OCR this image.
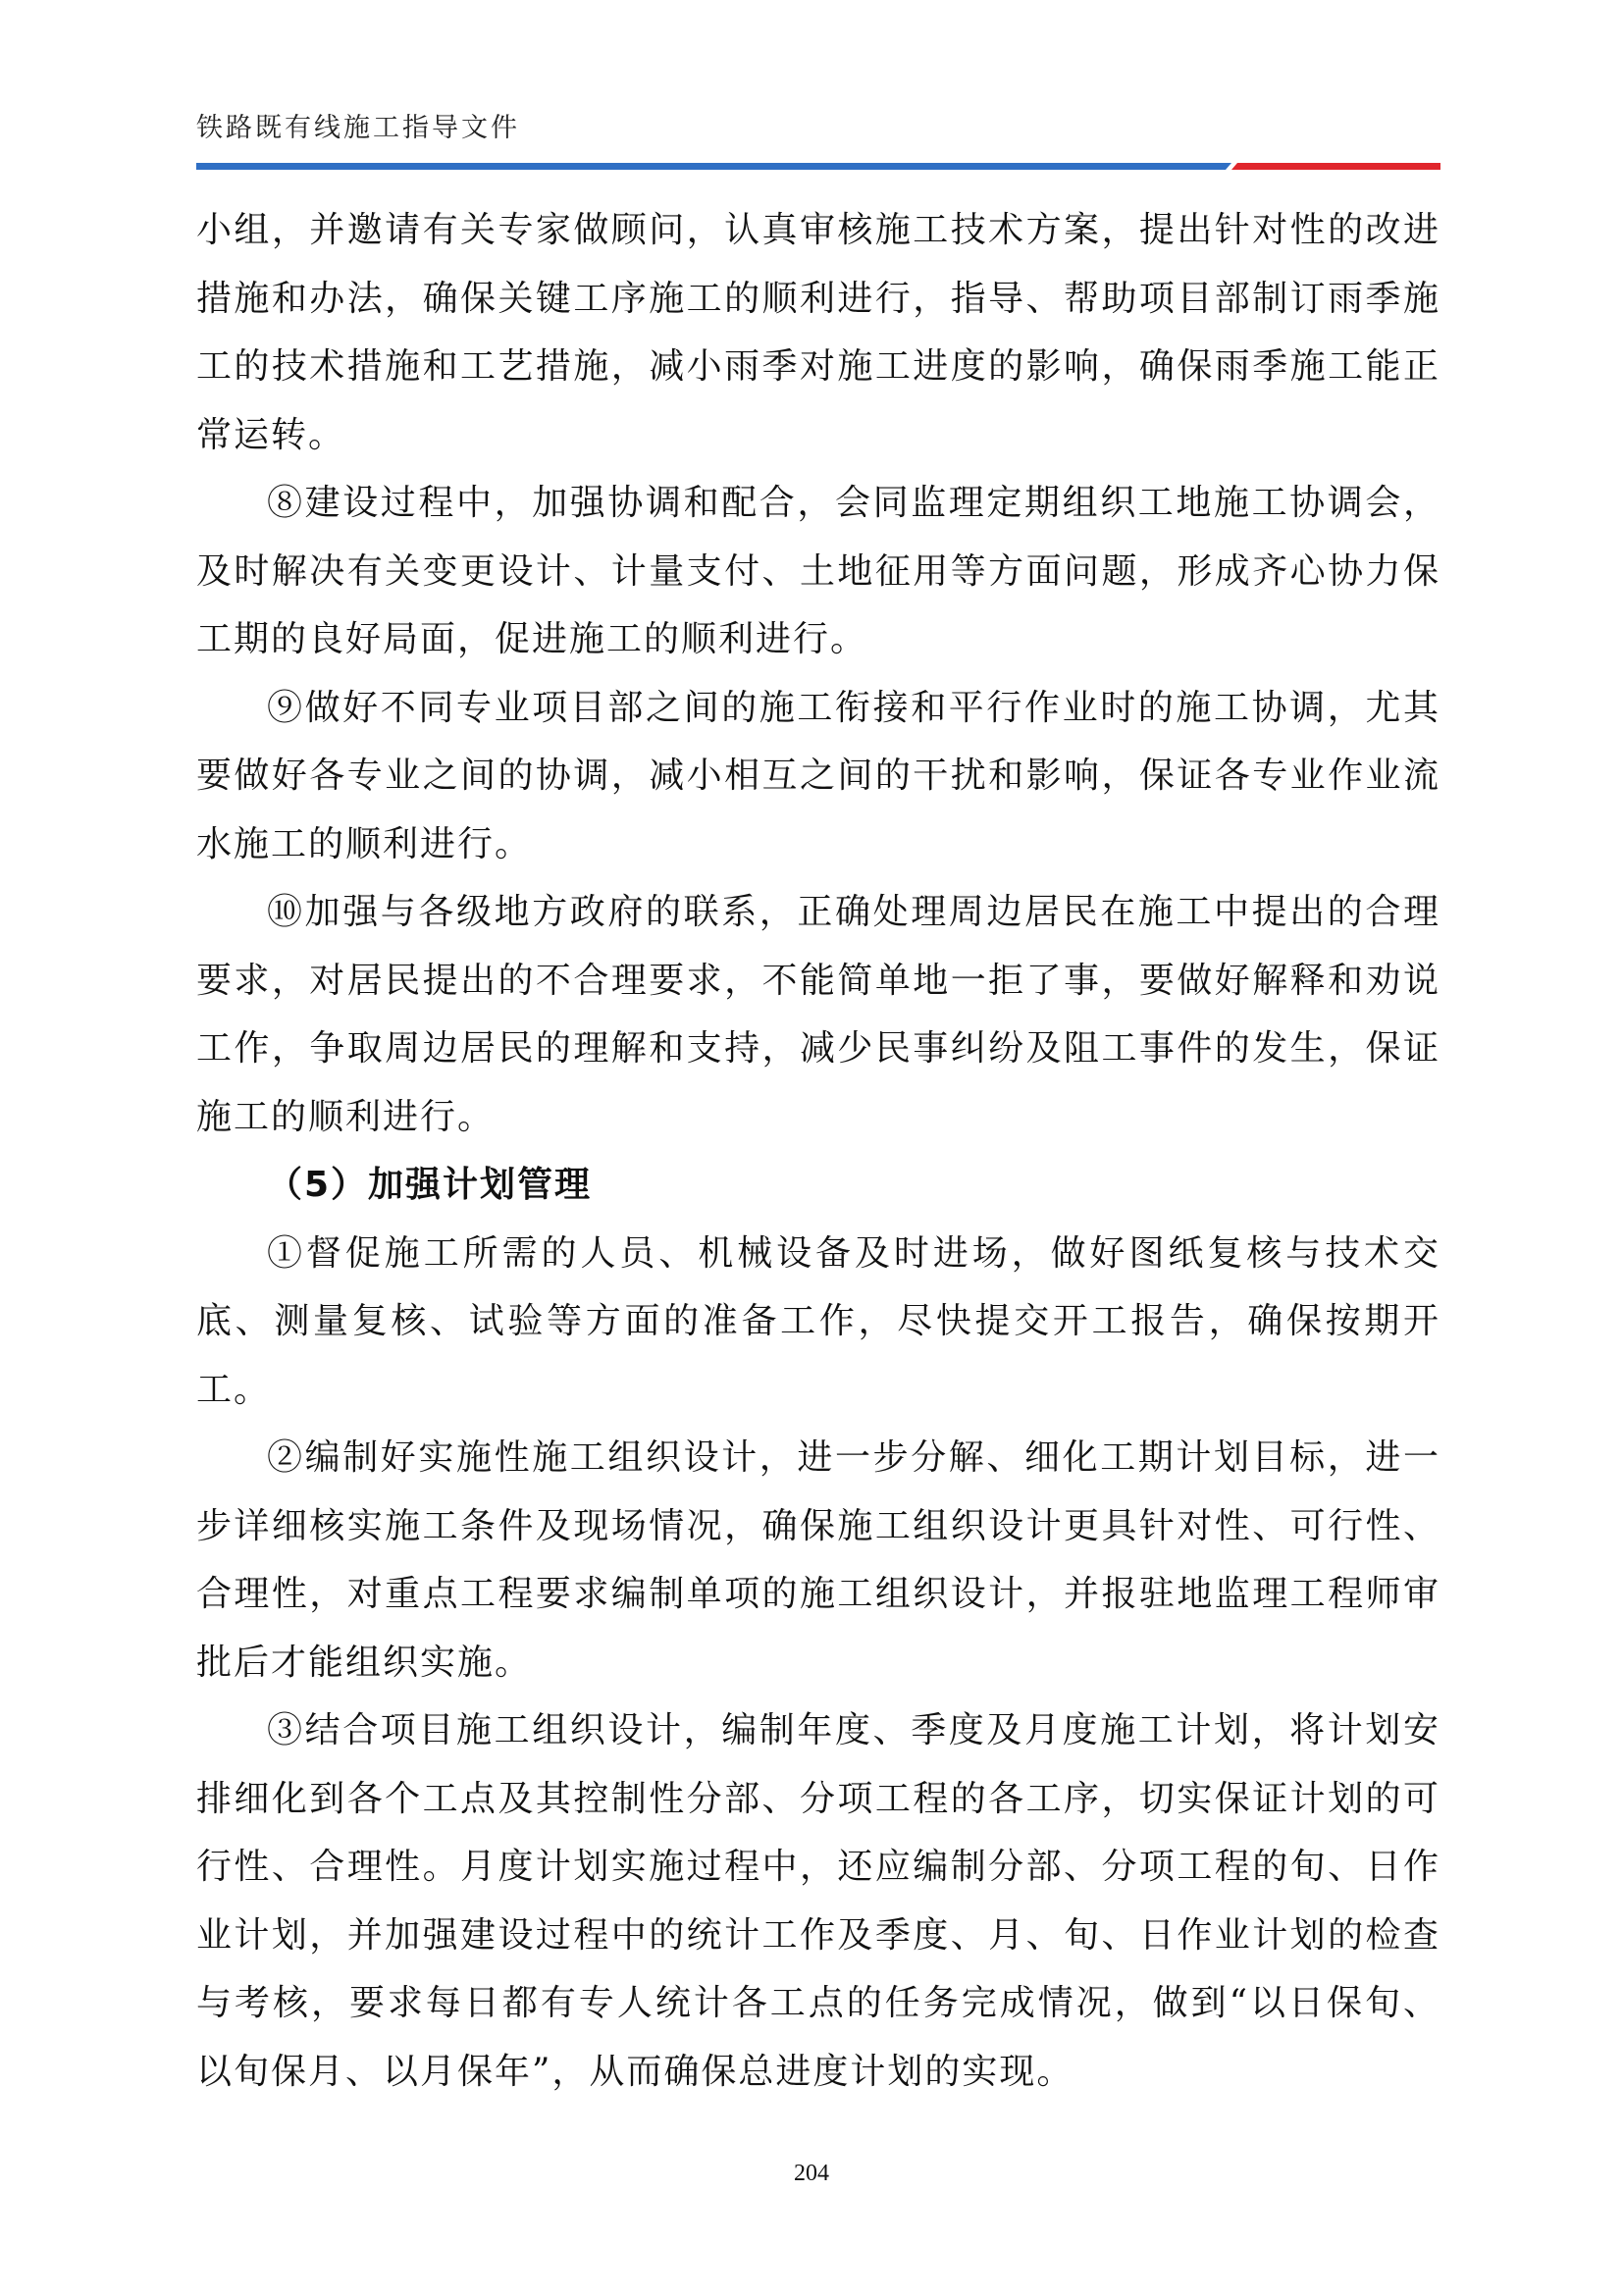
铁路既有线施工指导文件

小组，并邀请有关专家做顾问，认真审核施工技术方案，提出针对性的改进措施和办法，确保关键工序施工的顺利进行，指导、帮助项目部制订雨季施工的技术措施和工艺措施，减小雨季对施工进度的影响，确保雨季施工能正常运转。

⑧建设过程中，加强协调和配合，会同监理定期组织工地施工协调会，及时解决有关变更设计、计量支付、土地征用等方面问题，形成齐心协力保工期的良好局面，促进施工的顺利进行。

⑨做好不同专业项目部之间的施工衔接和平行作业时的施工协调，尤其要做好各专业之间的协调，减小相互之间的干扰和影响，保证各专业作业流水施工的顺利进行。

⑩加强与各级地方政府的联系，正确处理周边居民在施工中提出的合理要求，对居民提出的不合理要求，不能简单地一拒了事，要做好解释和劝说工作，争取周边居民的理解和支持，减少民事纠纷及阻工事件的发生，保证施工的顺利进行。

（5）加强计划管理

①督促施工所需的人员、机械设备及时进场，做好图纸复核与技术交底、测量复核、试验等方面的准备工作，尽快提交开工报告，确保按期开工。

②编制好实施性施工组织设计，进一步分解、细化工期计划目标，进一步详细核实施工条件及现场情况，确保施工组织设计更具针对性、可行性、合理性，对重点工程要求编制单项的施工组织设计，并报驻地监理工程师审批后才能组织实施。

③结合项目施工组织设计，编制年度、季度及月度施工计划，将计划安排细化到各个工点及其控制性分部、分项工程的各工序，切实保证计划的可行性、合理性。月度计划实施过程中，还应编制分部、分项工程的旬、日作业计划，并加强建设过程中的统计工作及季度、月、旬、日作业计划的检查与考核，要求每日都有专人统计各工点的任务完成情况，做到“以日保旬、以旬保月、以月保年”，从而确保总进度计划的实现。

204
